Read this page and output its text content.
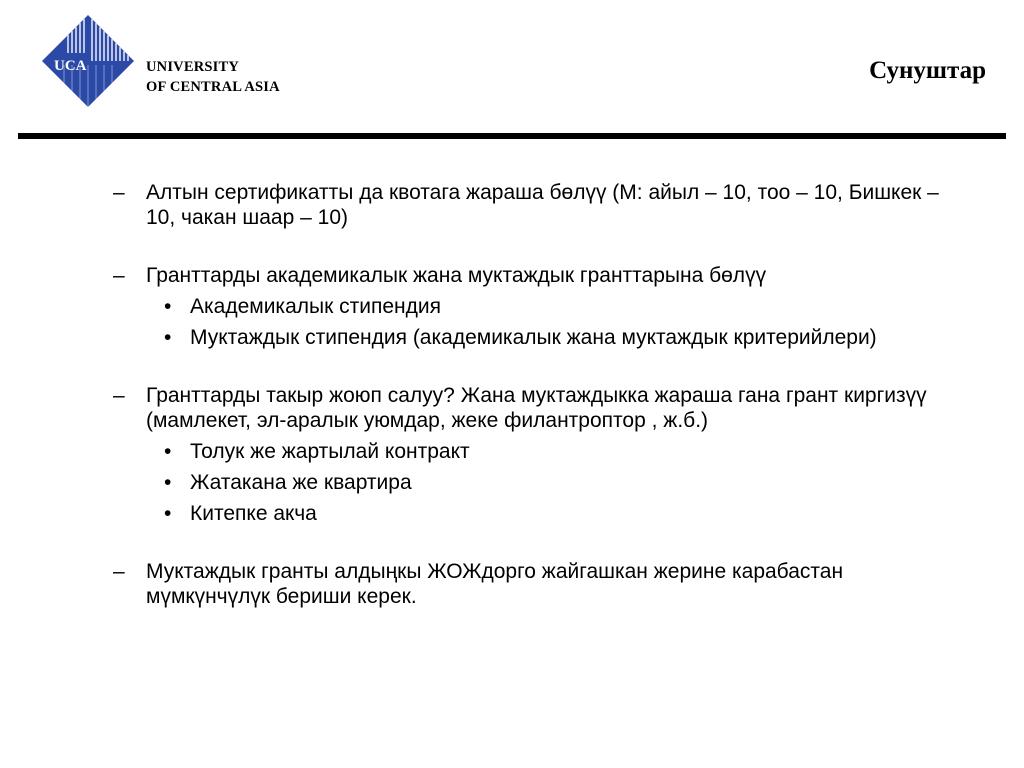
UCA	UNIVERSITY
OF CENTRAL ASIA
Сунуштар
– Алтын сертификатты да квотага жараша бөлүү (М: айыл – 10, тоо – 10, Бишкек – 10, чакан шаар – 10)
– Гранттарды академикалык жана муктаждык гранттарына бөлүү
• Академикалык стипендия
• Муктаждык стипендия (академикалык жана муктаждык критерийлери)
– Гранттарды такыр жоюп салуу? Жана муктаждыкка жараша гана грант киргизүү (мамлекет, эл-аралык уюмдар, жеке филантроптор , ж.б.)
• Толук же жартылай контракт
• Жатакана же квартира
• Китепке акча
– Муктаждык гранты алдыңкы ЖОЖдорго жайгашкан жерине карабастан мүмкүнчүлүк бериши керек.
